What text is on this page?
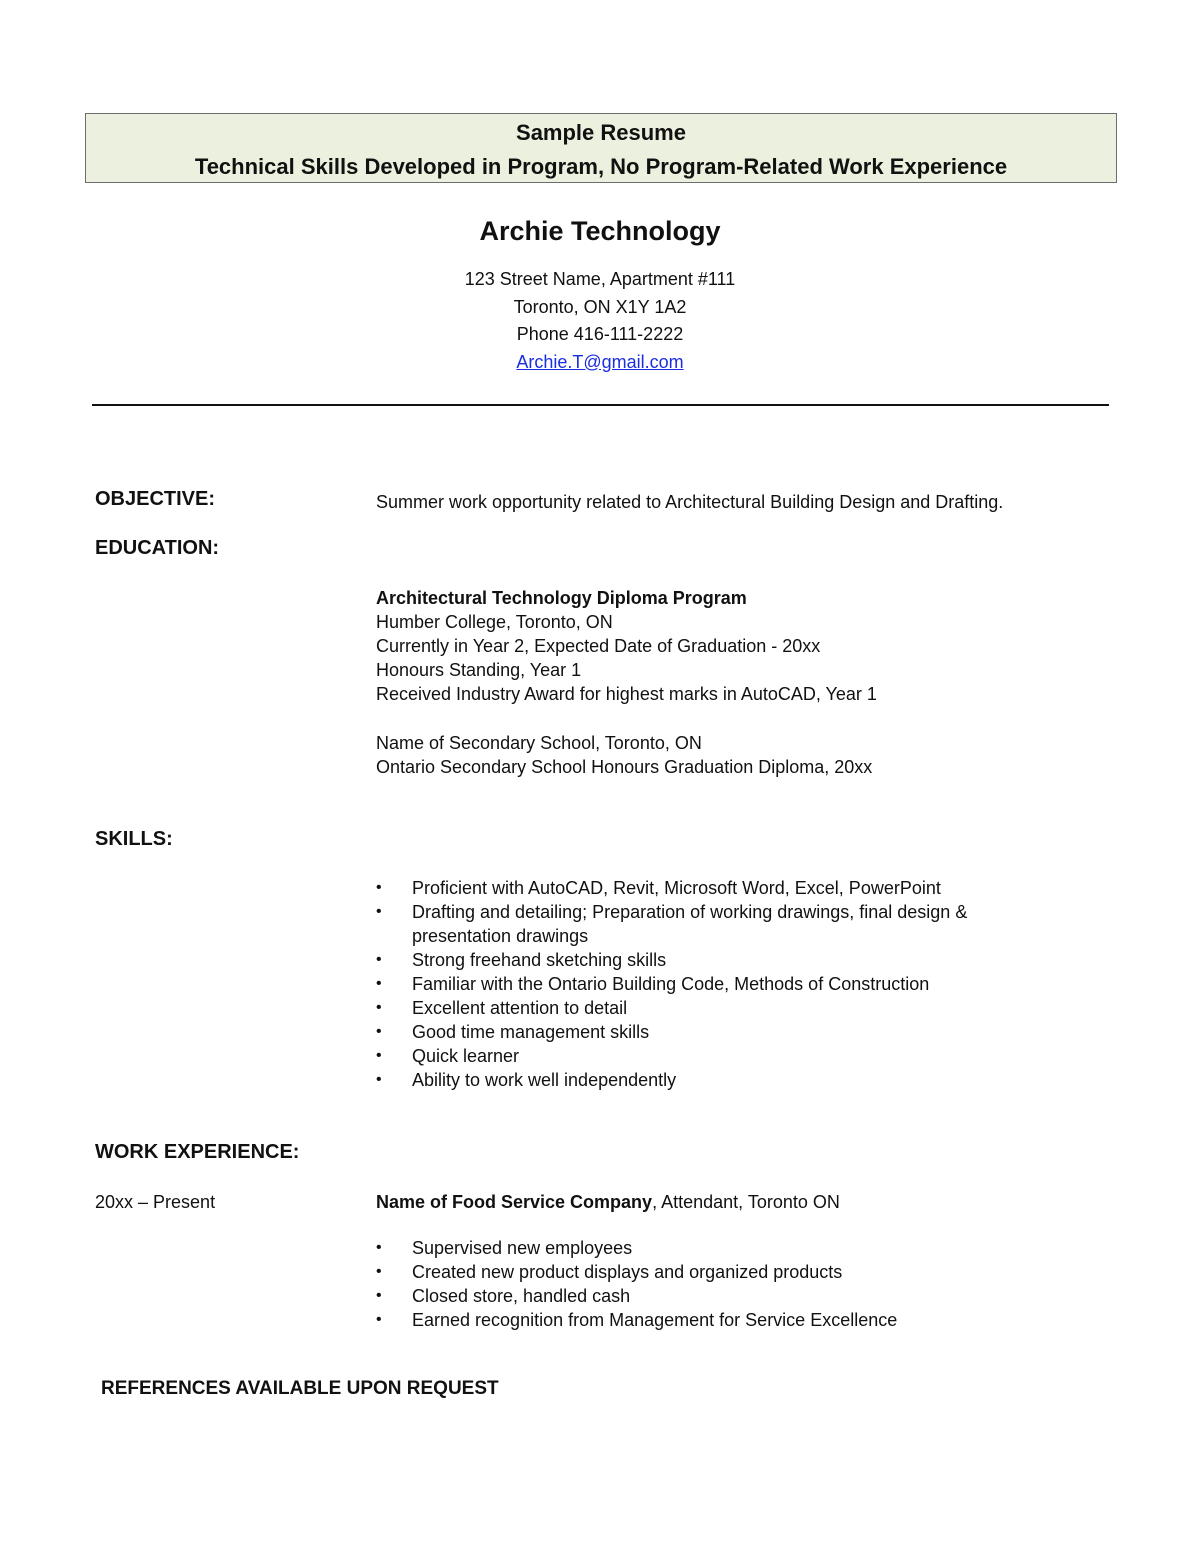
Sample Resume
Technical Skills Developed in Program, No Program-Related Work Experience
Archie Technology
123 Street Name, Apartment #111
Toronto, ON X1Y 1A2
Phone 416-111-2222
Archie.T@gmail.com
OBJECTIVE:	Summer work opportunity related to Architectural Building Design and Drafting.
EDUCATION:
Architectural Technology Diploma Program
Humber College, Toronto, ON
Currently in Year 2, Expected Date of Graduation - 20xx
Honours Standing, Year 1
Received Industry Award for highest marks in AutoCAD, Year 1
Name of Secondary School, Toronto, ON
Ontario Secondary School Honours Graduation Diploma, 20xx
SKILLS:
• Proficient with AutoCAD, Revit, Microsoft Word, Excel, PowerPoint
• Drafting and detailing; Preparation of working drawings, final design & presentation drawings
• Strong freehand sketching skills
• Familiar with the Ontario Building Code, Methods of Construction
• Excellent attention to detail
• Good time management skills
• Quick learner
• Ability to work well independently
WORK EXPERIENCE:
20xx – Present	Name of Food Service Company, Attendant, Toronto ON
• Supervised new employees
• Created new product displays and organized products
• Closed store, handled cash
• Earned recognition from Management for Service Excellence
REFERENCES AVAILABLE UPON REQUEST
